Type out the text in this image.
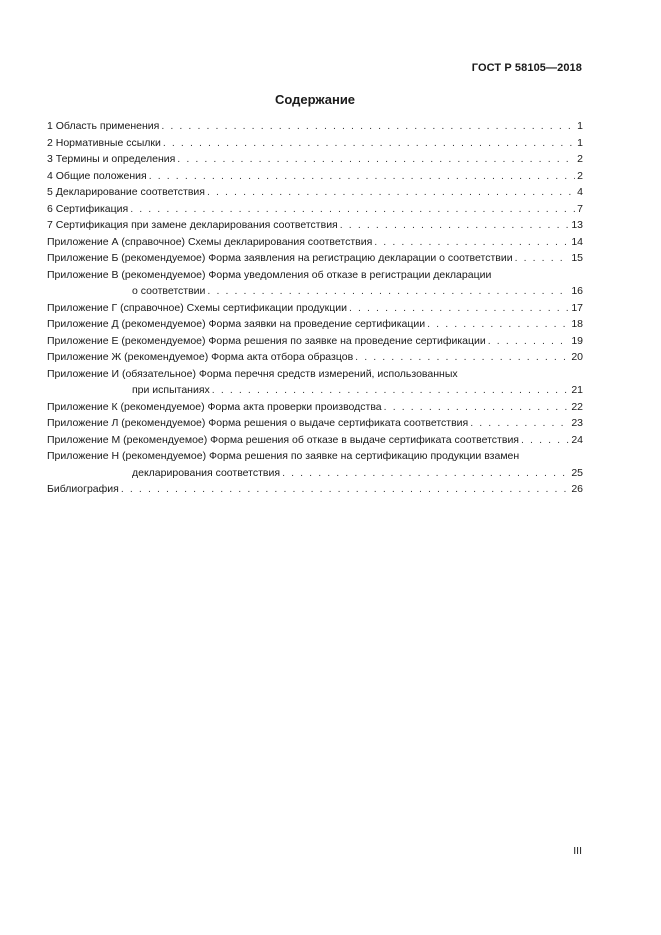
ГОСТ Р 58105—2018
Содержание
1 Область применения . . .	1
2 Нормативные ссылки . . .	1
3 Термины и определения . . .	2
4 Общие положения . . .	2
5 Декларирование соответствия . . .	4
6 Сертификация . . .	7
7 Сертификация при замене декларирования соответствия . . .	13
Приложение А (справочное) Схемы декларирования соответствия . . .	14
Приложение Б (рекомендуемое) Форма заявления на регистрацию декларации о соответствии . . .	15
Приложение В (рекомендуемое) Форма уведомления об отказе в регистрации декларации
о соответствии . . .	16
Приложение Г (справочное) Схемы сертификации продукции . . .	17
Приложение Д (рекомендуемое) Форма заявки на проведение сертификации . . .	18
Приложение Е (рекомендуемое) Форма решения по заявке на проведение сертификации . . .	19
Приложение Ж (рекомендуемое) Форма акта отбора образцов . . .	20
Приложение И (обязательное) Форма перечня средств измерений, использованных
при испытаниях . . .	21
Приложение К (рекомендуемое) Форма акта проверки производства . . .	22
Приложение Л (рекомендуемое) Форма решения о выдаче сертификата соответствия . . .	23
Приложение М (рекомендуемое) Форма решения об отказе в выдаче сертификата соответствия . . .	24
Приложение Н (рекомендуемое) Форма решения по заявке на сертификацию продукции взамен
декларирования соответствия . . .	25
Библиография . . .	26
III
